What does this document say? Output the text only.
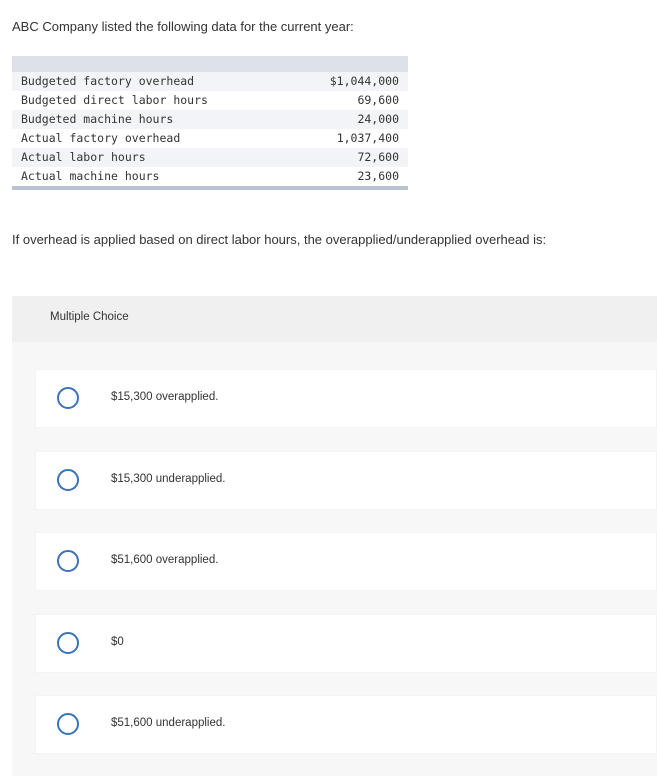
ABC Company listed the following data for the current year:
Budgeted factory overhead	$1,044,000
Budgeted direct labor hours	69,600
Budgeted machine hours	24,000
Actual factory overhead	1,037,400
Actual labor hours	72,600
Actual machine hours	23,600
If overhead is applied based on direct labor hours, the overapplied/underapplied overhead is:
Multiple Choice
$15,300 overapplied.
$15,300 underapplied.
$51,600 overapplied.
$0
$51,600 underapplied.
